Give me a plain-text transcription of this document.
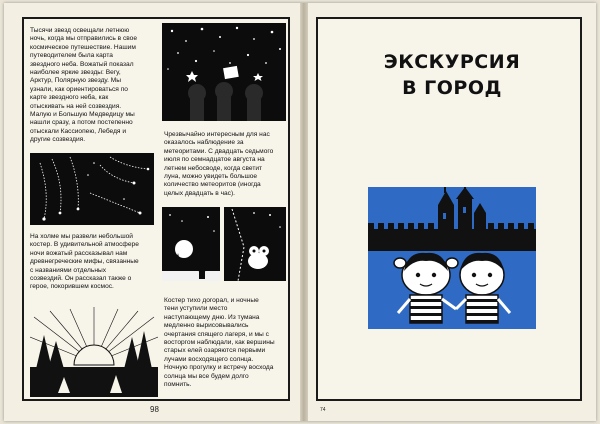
Тысячи звезд освещали летнюю
ночь, когда мы отправились в свое
космическое путешествие. Нашим
путеводителем была карта
звездного неба. Вожатый показал
наиболее яркие звезды: Вегу,
Арктур, Полярную звезду. Мы
узнали, как ориентироваться по
карте звездного неба, как
отыскивать на ней созвездия.
Малую и Большую Медведицу мы
нашли сразу, а потом постепенно
отыскали Кассиопею, Лебедя и
другие созвездия.
Чрезвычайно интересным для нас
оказалось наблюдение за
метеоритами. С двадцать седьмого
июля по семнадцатое августа на
летнем небосводе, когда светит
луна, можно увидеть большое
количество метеоритов (иногда
целых двадцать в час).
На холме мы развели небольшой
костер. В удивительной атмосфере
ночи вожатый рассказывал нам
древнегреческие мифы, связанные
с названиями отдельных
созвездий. Он рассказал также о
герое, покорившем космос.
Костер тихо догорал, и ночные
тени уступили место
наступающему дню. Из тумана
медленно вырисовывались
очертания спящего лагеря, и мы с
восторгом наблюдали, как вершины
старых елей озаряются первыми
лучами восходящего солнца.
Ночную прогулку и встречу восхода
солнца мы все будем долго
помнить.
98
ЭКСКУРСИЯ
В ГОРОД
74
